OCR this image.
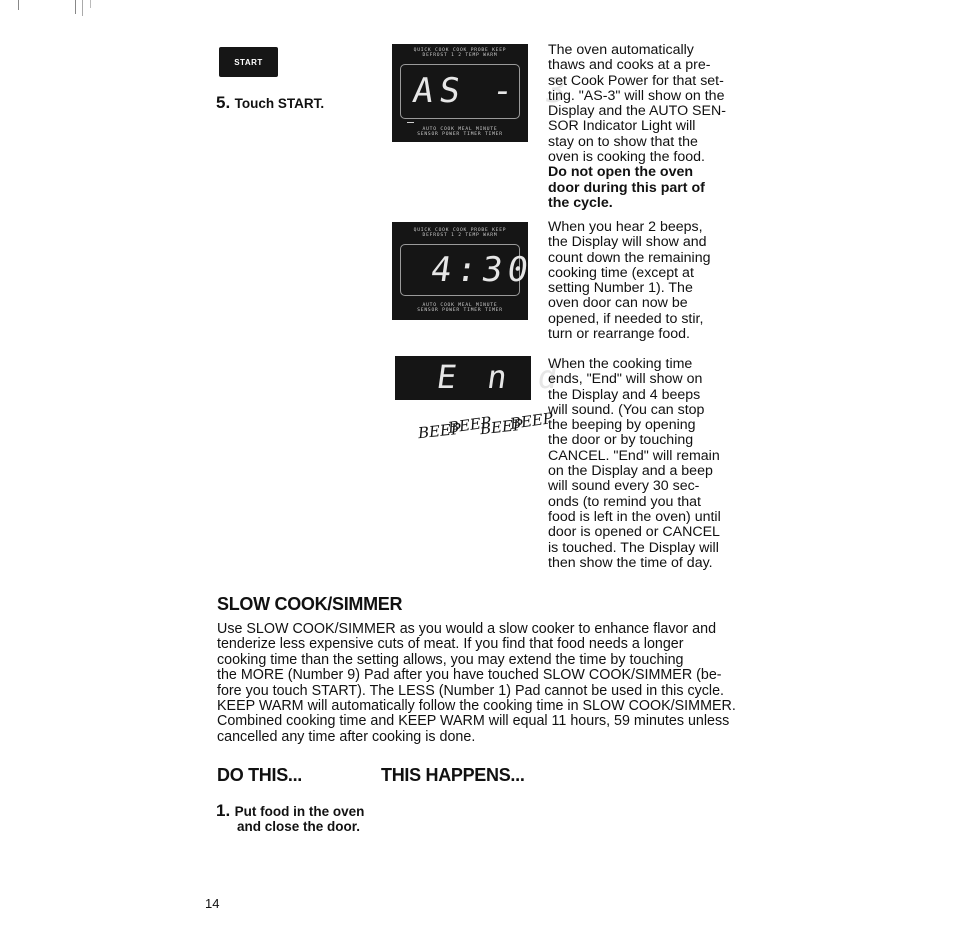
START
5. Touch START.
QUICK COOK COOK PROBE KEEP
DEFROST 1 2 TEMP WARM
AS - 3
AUTO COOK MEAL MINUTE
SENSOR POWER TIMER TIMER

The oven automatically

thaws and cooks at a pre-

set Cook Power for that set-

ting. "AS-3" will show on the

Display and the AUTO SEN-

SOR Indicator Light will

stay on to show that the

oven is cooking the food.

Do not open the oven

door during this part of

the cycle.

QUICK COOK COOK PROBE KEEP
DEFROST 1 2 TEMP WARM
4:30
AUTO COOK MEAL MINUTE
SENSOR POWER TIMER TIMER

When you hear 2 beeps,

the Display will show and

count down the remaining

cooking time (except at

setting Number 1). The

oven door can now be

opened, if needed to stir,

turn or rearrange food.

E n d
BEEP
BEEP
BEEP
BEEP

When the cooking time

ends, "End" will show on

the Display and 4 beeps

will sound. (You can stop

the beeping by opening

the door or by touching

CANCEL. "End" will remain

on the Display and a beep

will sound every 30 sec-

onds (to remind you that

food is left in the oven) until

door is opened or CANCEL

is touched. The Display will

then show the time of day.

SLOW COOK/SIMMER

Use SLOW COOK/SIMMER as you would a slow cooker to enhance flavor and

tenderize less expensive cuts of meat. If you find that food needs a longer

cooking time than the setting allows, you may extend the time by touching

the MORE (Number 9) Pad after you have touched SLOW COOK/SIMMER (be-

fore you touch START). The LESS (Number 1) Pad cannot be used in this cycle.

KEEP WARM will automatically follow the cooking time in SLOW COOK/SIMMER.

Combined cooking time and KEEP WARM will equal 11 hours, 59 minutes unless

cancelled any time after cooking is done.

DO THIS...	THIS HAPPENS...
1. Put food in the oven
and close the door.
14
